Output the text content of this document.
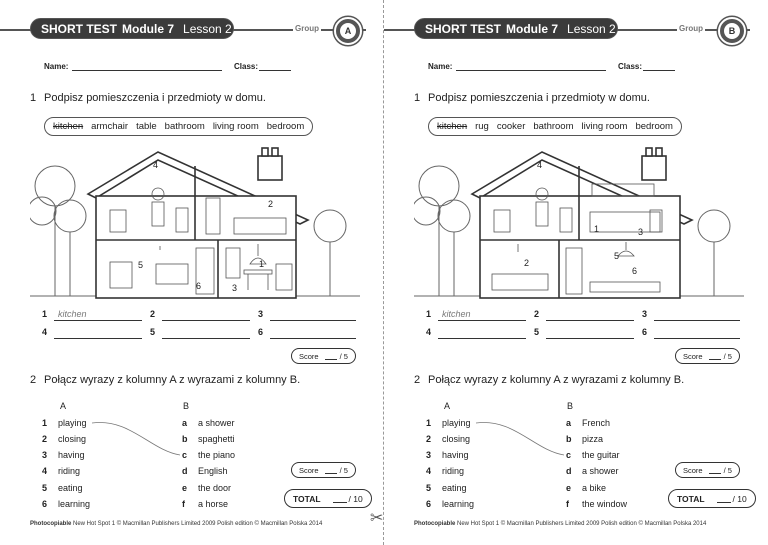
✂
SHORT TEST Module 7 Lesson 2	Group	A
Name:	Class:
1 Podpisz pomieszczenia i przedmioty w domu.
kitchen armchair table bathroom living room bedroom
4
2
1
3
5
6
1 kitchen	2	3
4	5	6
Score	/ 5
2 Połącz wyrazy z kolumny A z wyrazami z kolumny B.
A	B
1 playing
2 closing
3 having
4 riding
5 eating
6 learning
a a shower
b spaghetti
c the piano
d English
e the door
f a horse
Score	/ 5
TOTAL	/ 10
Photocopiable New Hot Spot 1 © Macmillan Publishers Limited 2009 Polish edition © Macmillan Polska 2014
SHORT TEST Module 7 Lesson 2	Group	B
Name:	Class:
1 Podpisz pomieszczenia i przedmioty w domu.
kitchen rug cooker bathroom living room bedroom
4
1	3
2
5
6
1 kitchen	2	3
4	5	6
Score	/ 5
2 Połącz wyrazy z kolumny A z wyrazami z kolumny B.
A	B
1 playing
2 closing
3 having
4 riding
5 eating
6 learning
a French
b pizza
c the guitar
d a shower
e a bike
f the window
Score	/ 5
TOTAL	/ 10
Photocopiable New Hot Spot 1 © Macmillan Publishers Limited 2009 Polish edition © Macmillan Polska 2014
